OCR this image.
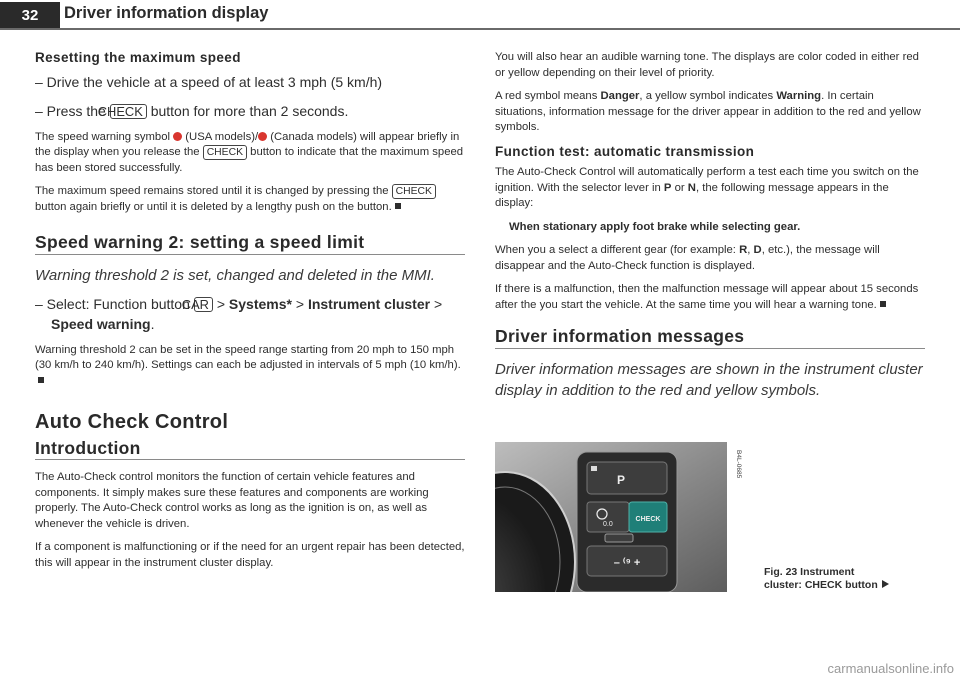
32	Driver information display
Resetting the maximum speed
– Drive the vehicle at a speed of at least 3 mph (5 km/h)
– Press the CHECK button for more than 2 seconds.

The speed warning symbol (USA models)/ (Canada models) will appear briefly in the display when you release the CHECK button to indicate that the maximum speed has been stored successfully.

The maximum speed remains stored until it is changed by pressing the CHECK button again briefly or until it is deleted by a lengthy push on the button.

Speed warning 2: setting a speed limit
Warning threshold 2 is set, changed and deleted in the MMI.
– Select: Function button CAR > Systems* > Instrument cluster > Speed warning.

Warning threshold 2 can be set in the speed range starting from 20 mph to 150 mph (30 km/h to 240 km/h). Settings can each be adjusted in intervals of 5 mph (10 km/h).

Auto Check Control
Introduction

The Auto-Check control monitors the function of certain vehicle features and components. It simply makes sure these features and components are working properly. The Auto-Check control works as long as the ignition is on, as well as whenever the vehicle is driven.

If a component is malfunctioning or if the need for an urgent repair has been detected, this will appear in the instrument cluster display.

You will also hear an audible warning tone. The displays are color coded in either red or yellow depending on their level of priority.

A red symbol means Danger, a yellow symbol indicates Warning. In certain situations, information message for the driver appear in addition to the red and yellow symbols.

Function test: automatic transmission

The Auto-Check Control will automatically perform a test each time you switch on the ignition. With the selector lever in P or N, the following message appears in the display:

When stationary apply foot brake while selecting gear.

When you a select a different gear (for example: R, D, etc.), the message will disappear and the Auto-Check function is displayed.

If there is a malfunction, then the malfunction message will appear about 15 seconds after the you start the vehicle. At the same time you will hear a warning tone.

Driver information messages
Driver information messages are shown in the instrument cluster display in addition to the red and yellow symbols.
P
0.0
CHECK
– ⁽⁹ +
B4L-0685
Fig. 23 Instrument
cluster: CHECK button
carmanualsonline.info
